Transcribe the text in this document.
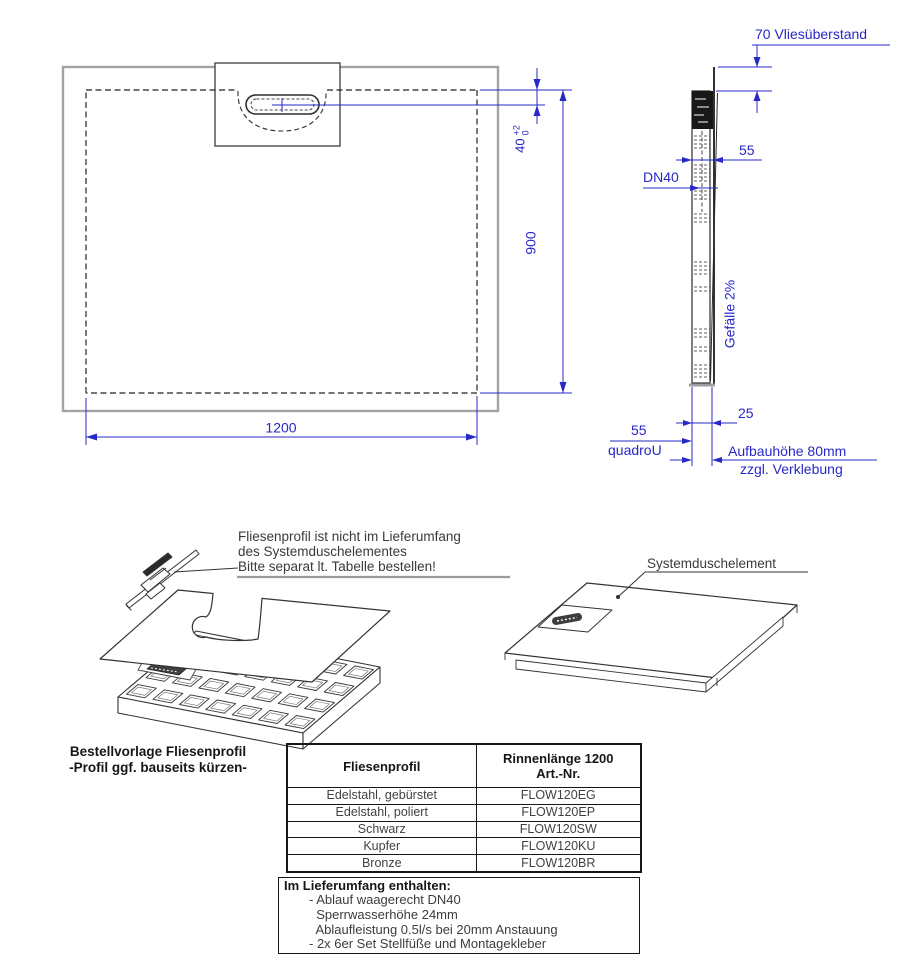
1200
900
40
+2
0
70 Vliesüberstand
55
DN40
Gefälle 2%
25
55
quadroU	Aufbauhöhe 80mm
zzgl. Verklebung
Fliesenprofil ist nicht im Lieferumfang
des Systemduschelementes
Bitte separat lt. Tabelle bestellen!	Systemduschelement
Bestellvorlage Fliesenprofil
-Profil ggf. bauseits kürzen-	Fliesenprofil	Rinnenlänge 1200
Art.-Nr.

Edelstahl, gebürstet	FLOW120EG
Edelstahl, poliert	FLOW120EP
Schwarz	FLOW120SW
Kupfer	FLOW120KU
Bronze	FLOW120BR
Im Lieferumfang enthalten:
- Ablauf waagerecht DN40
Sperrwasserhöhe 24mm
Ablaufleistung 0.5l/s bei 20mm Anstauung
- 2x 6er Set Stellfüße und Montagekleber
